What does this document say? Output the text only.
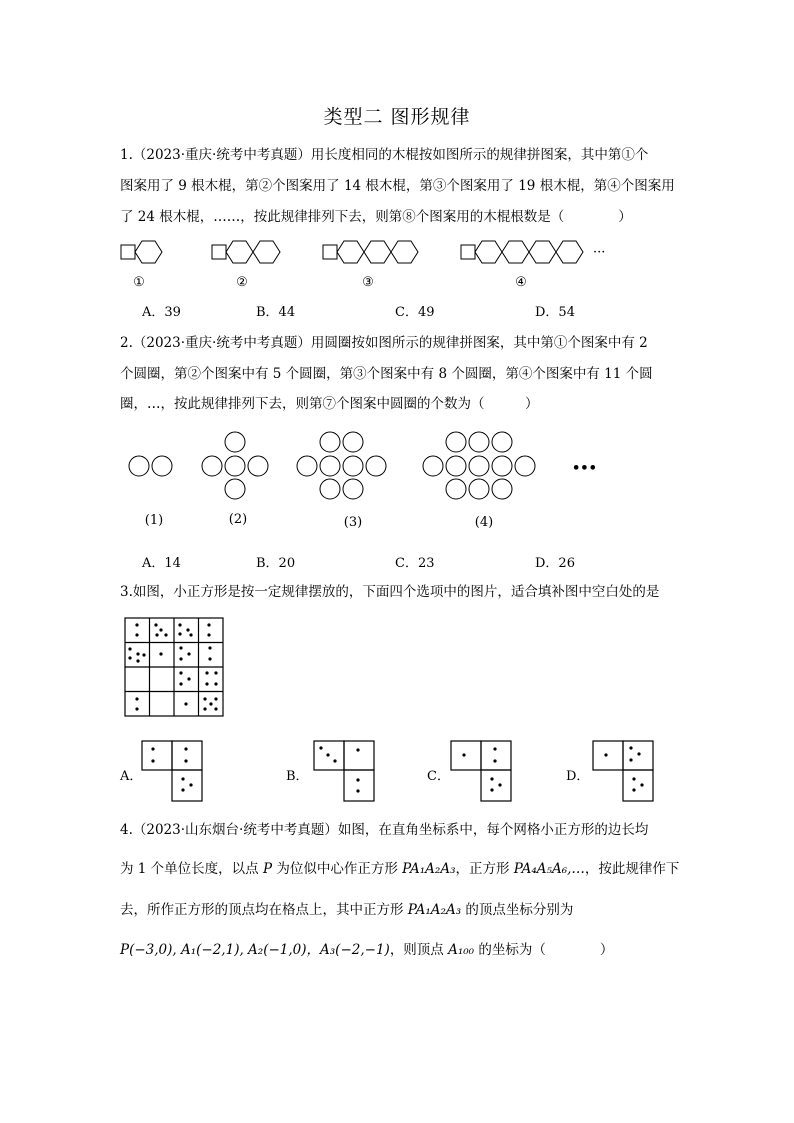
类型二 图形规律
1.（2023·重庆·统考中考真题）用长度相同的木棍按如图所示的规律拼图案，其中第①个
图案用了 9 根木棍，第②个图案用了 14 根木棍，第③个图案用了 19 根木棍，第④个图案用
了 24 根木棍，……，按此规律排列下去，则第⑧个图案用的木棍根数是（　　　　）
①	②	③	④
···
A．39	B．44	C．49	D．54
2.（2023·重庆·统考中考真题）用圆圈按如图所示的规律拼图案，其中第①个图案中有 2
个圆圈，第②个图案中有 5 个圆圈，第③个图案中有 8 个圆圈，第④个图案中有 11 个圆
圈，…，按此规律排列下去，则第⑦个图案中圆圈的个数为（　　　）
•••
(1)	(2)	(3)	(4)
A．14	B．20	C．23	D．26
3.如图，小正方形是按一定规律摆放的，下面四个选项中的图片，适合填补图中空白处的是
A．	B．	C．	D．
4.（2023·山东烟台·统考中考真题）如图，在直角坐标系中，每个网格小正方形的边长均
为 1 个单位长度，以点 P 为位似中心作正方形 PA₁A₂A₃，正方形 PA₄A₅A₆,…，按此规律作下
去，所作正方形的顶点均在格点上，其中正方形 PA₁A₂A₃ 的顶点坐标分别为
P(−3,0), A₁(−2,1), A₂(−1,0)，A₃(−2,−1)，则顶点 A₁₀₀ 的坐标为（　　　　）
